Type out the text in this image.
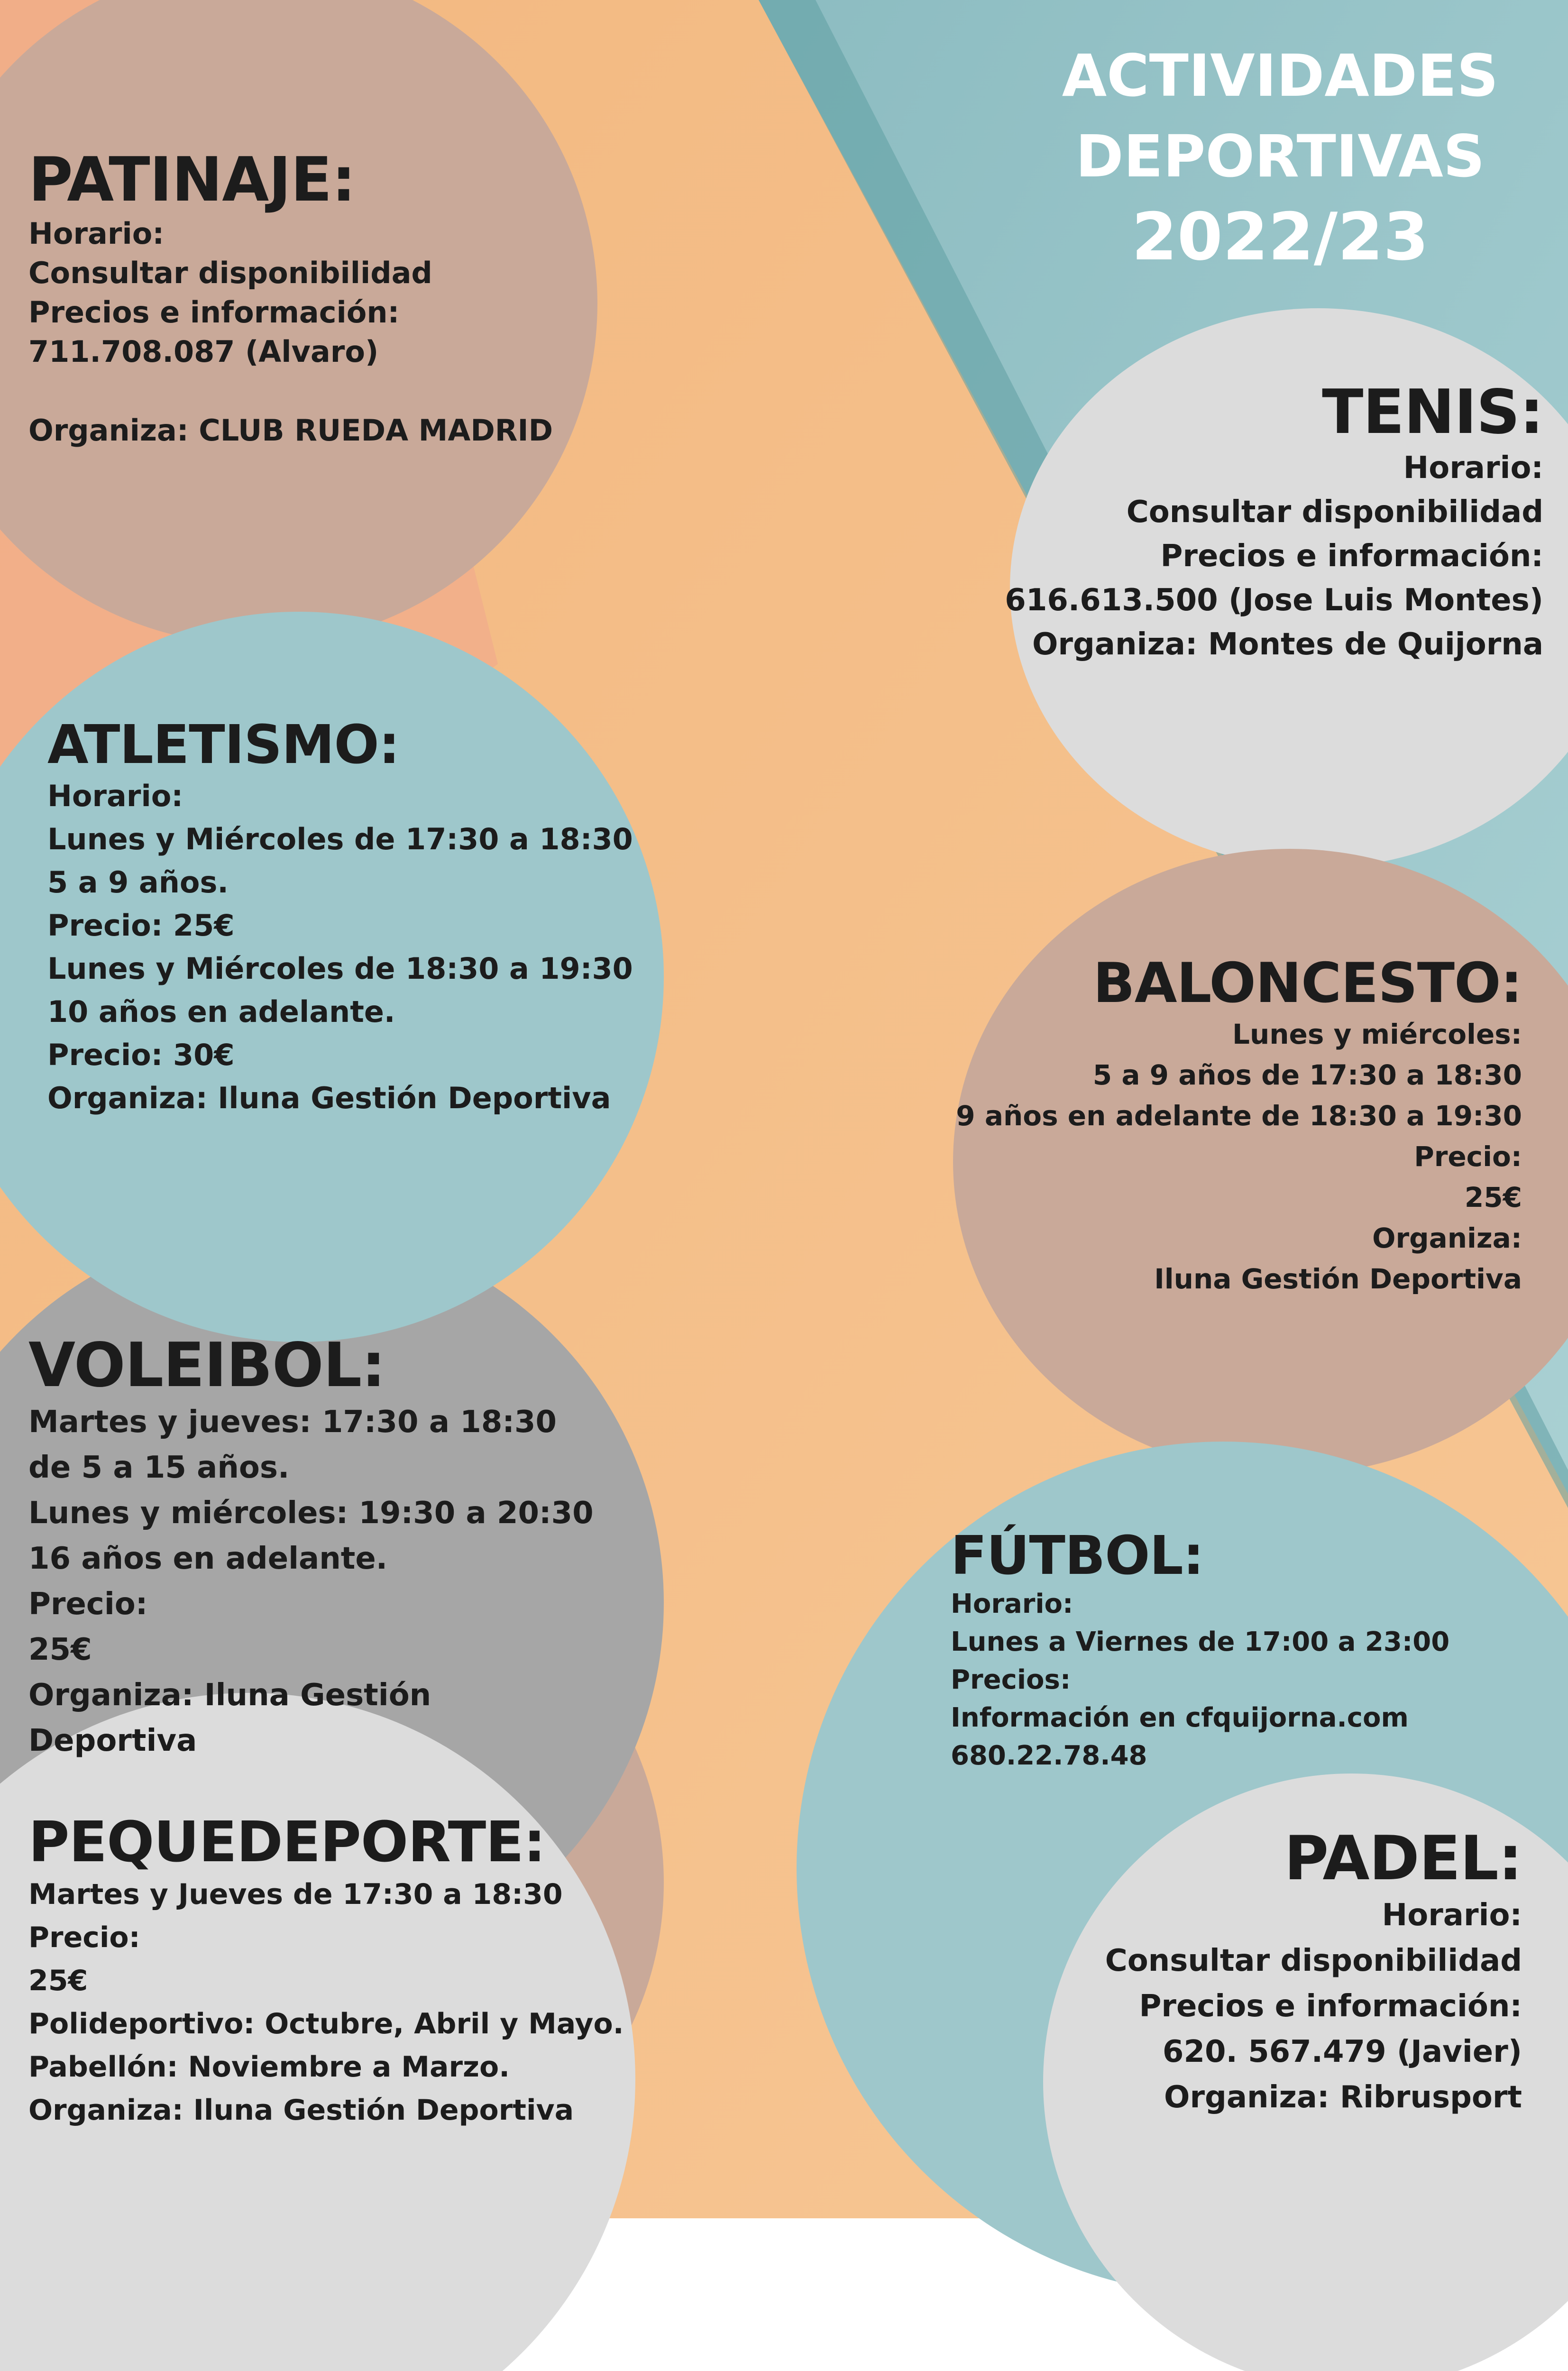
ACTIVIDADES
DEPORTIVAS
2022/23
PATINAJE:

Horario:
Consultar disponibilidad
Precios e información:
711.708.087 (Alvaro)

Organiza: CLUB RUEDA MADRID	TENIS:

Horario:
Consultar disponibilidad
Precios e información:
616.613.500 (Jose Luis Montes)
Organiza: Montes de Quijorna

ATLETISMO:

Horario:
Lunes y Miércoles de 17:30 a 18:30
5 a 9 años.
Precio: 25€
Lunes y Miércoles de 18:30 a 19:30
10 años en adelante.
Precio: 30€
Organiza: Iluna Gestión Deportiva

BALONCESTO:

Lunes y miércoles:
5 a 9 años de 17:30 a 18:30
9 años en adelante de 18:30 a 19:30
Precio:
25€
Organiza:
Iluna Gestión Deportiva

VOLEIBOL:

Martes y jueves: 17:30 a 18:30
de 5 a 15 años.
Lunes y miércoles: 19:30 a 20:30
16 años en adelante.
Precio:
25€
Organiza: Iluna Gestión
Deportiva

FÚTBOL:

Horario:
Lunes a Viernes de 17:00 a 23:00
Precios:
Información en cfquijorna.com
680.22.78.48

PEQUEDEPORTE:

Martes y Jueves de 17:30 a 18:30
Precio:
25€
Polideportivo: Octubre, Abril y Mayo.
Pabellón: Noviembre a Marzo.
Organiza: Iluna Gestión Deportiva

PADEL:

Horario:
Consultar disponibilidad
Precios e información:
620. 567.479 (Javier)
Organiza: Ribrusport
